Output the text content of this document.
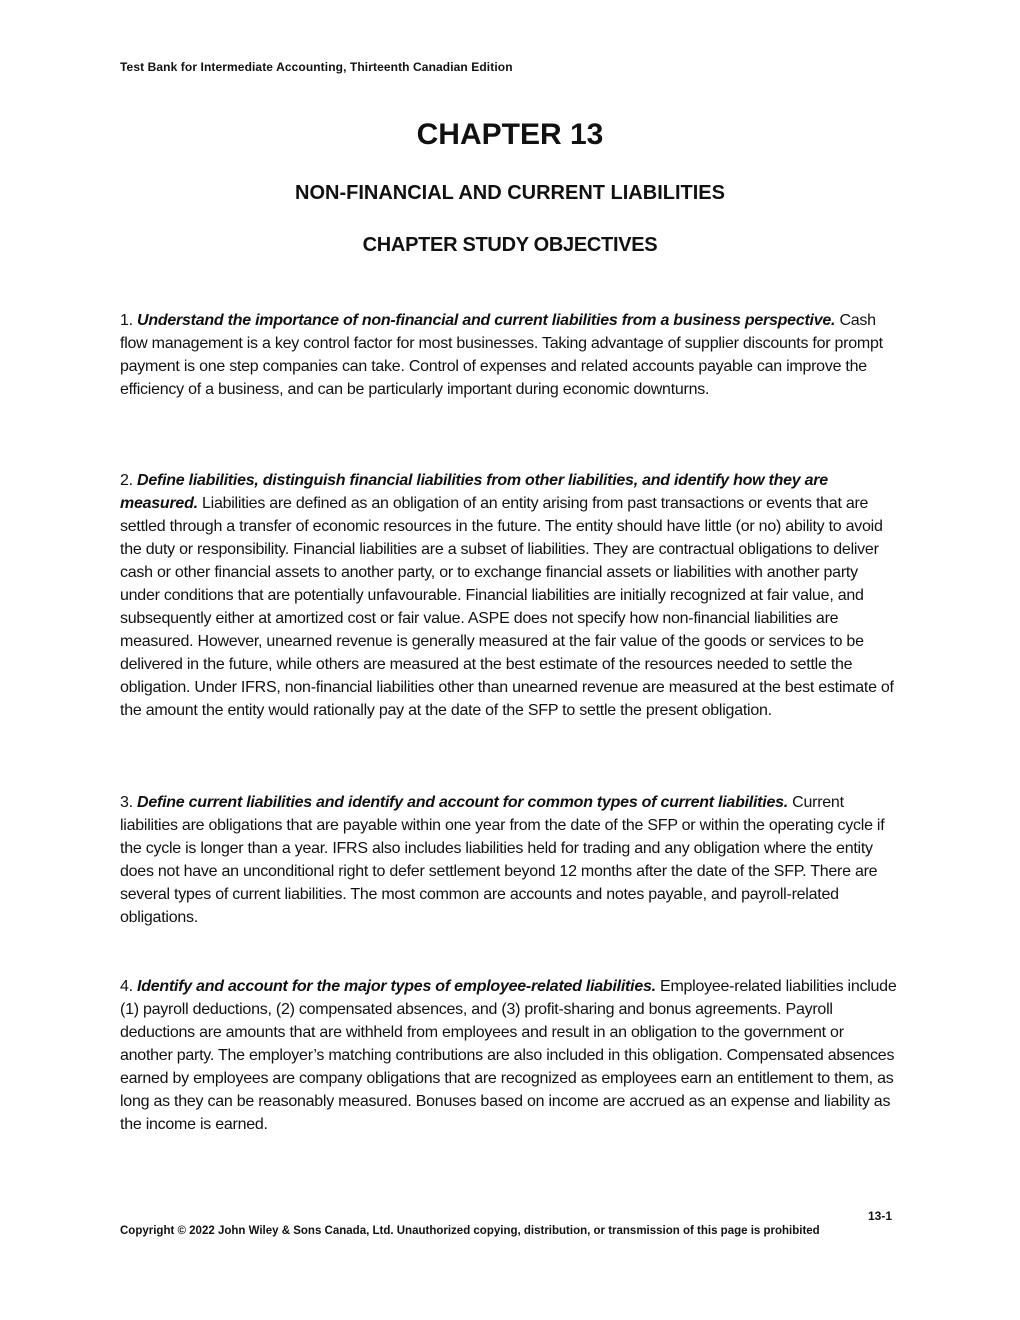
Test Bank for Intermediate Accounting, Thirteenth Canadian Edition
CHAPTER 13
NON-FINANCIAL AND CURRENT LIABILITIES
CHAPTER STUDY OBJECTIVES

1. Understand the importance of non-financial and current liabilities from a business perspective. Cash flow management is a key control factor for most businesses. Taking advantage of supplier discounts for prompt payment is one step companies can take. Control of expenses and related accounts payable can improve the efficiency of a business, and can be particularly important during economic downturns.

2. Define liabilities, distinguish financial liabilities from other liabilities, and identify how they are measured. Liabilities are defined as an obligation of an entity arising from past transactions or events that are settled through a transfer of economic resources in the future. The entity should have little (or no) ability to avoid the duty or responsibility. Financial liabilities are a subset of liabilities. They are contractual obligations to deliver cash or other financial assets to another party, or to exchange financial assets or liabilities with another party under conditions that are potentially unfavourable. Financial liabilities are initially recognized at fair value, and subsequently either at amortized cost or fair value. ASPE does not specify how non-financial liabilities are measured. However, unearned revenue is generally measured at the fair value of the goods or services to be delivered in the future, while others are measured at the best estimate of the resources needed to settle the obligation. Under IFRS, non-financial liabilities other than unearned revenue are measured at the best estimate of the amount the entity would rationally pay at the date of the SFP to settle the present obligation.

3. Define current liabilities and identify and account for common types of current liabilities. Current liabilities are obligations that are payable within one year from the date of the SFP or within the operating cycle if the cycle is longer than a year. IFRS also includes liabilities held for trading and any obligation where the entity does not have an unconditional right to defer settlement beyond 12 months after the date of the SFP. There are several types of current liabilities. The most common are accounts and notes payable, and payroll-related obligations.

4. Identify and account for the major types of employee-related liabilities. Employee-related liabilities include (1) payroll deductions, (2) compensated absences, and (3) profit-sharing and bonus agreements. Payroll deductions are amounts that are withheld from employees and result in an obligation to the government or another party. The employer’s matching contributions are also included in this obligation. Compensated absences earned by employees are company obligations that are recognized as employees earn an entitlement to them, as long as they can be reasonably measured. Bonuses based on income are accrued as an expense and liability as the income is earned.

13-1
Copyright © 2022 John Wiley & Sons Canada, Ltd. Unauthorized copying, distribution, or transmission of this page is prohibited
